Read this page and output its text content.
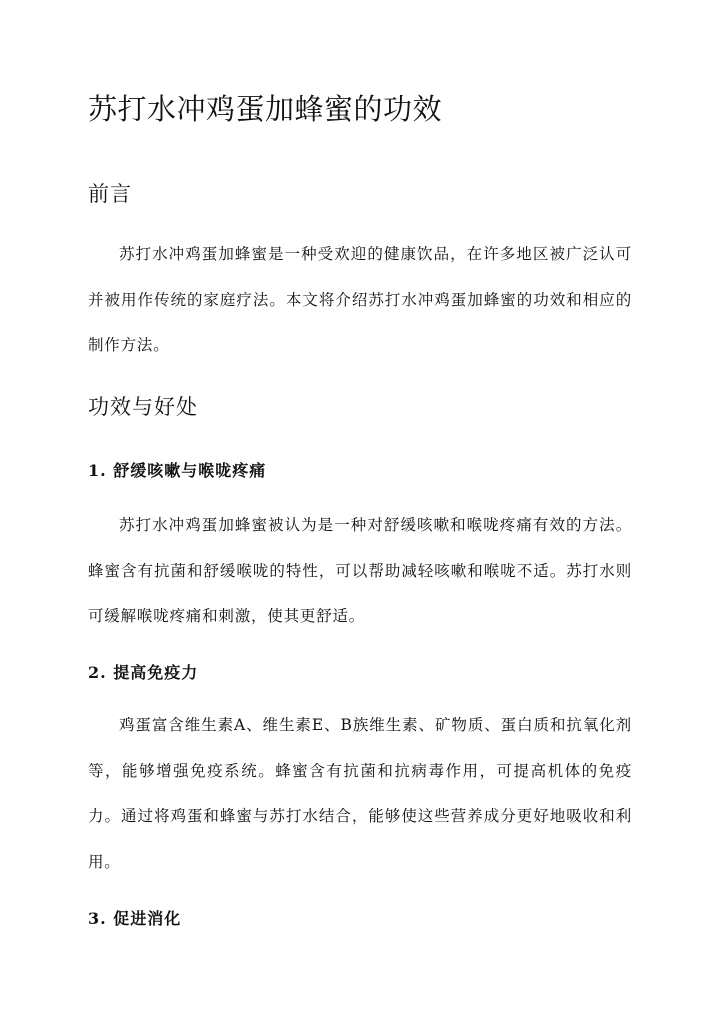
苏打水冲鸡蛋加蜂蜜的功效
前言

苏打水冲鸡蛋加蜂蜜是一种受欢迎的健康饮品，在许多地区被广泛认可并被用作传统的家庭疗法。本文将介绍苏打水冲鸡蛋加蜂蜜的功效和相应的制作方法。

功效与好处
1. 舒缓咳嗽与喉咙疼痛

苏打水冲鸡蛋加蜂蜜被认为是一种对舒缓咳嗽和喉咙疼痛有效的方法。蜂蜜含有抗菌和舒缓喉咙的特性，可以帮助减轻咳嗽和喉咙不适。苏打水则可缓解喉咙疼痛和刺激，使其更舒适。

2. 提高免疫力

鸡蛋富含维生素A、维生素E、B族维生素、矿物质、蛋白质和抗氧化剂等，能够增强免疫系统。蜂蜜含有抗菌和抗病毒作用，可提高机体的免疫力。通过将鸡蛋和蜂蜜与苏打水结合，能够使这些营养成分更好地吸收和利用。

3. 促进消化
